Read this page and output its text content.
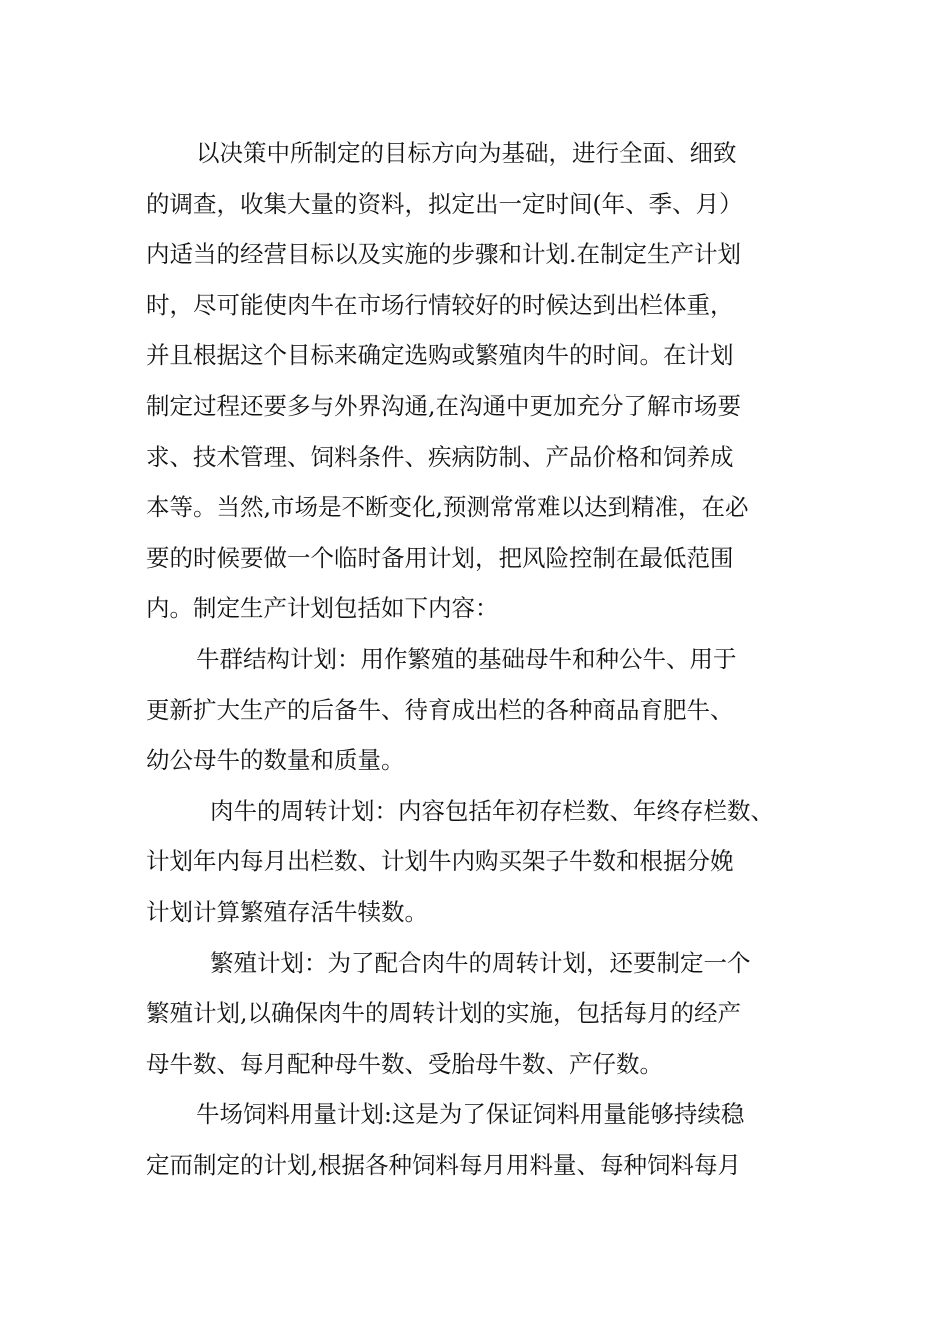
以决策中所制定的目标方向为基础，进行全面、细致
的调查，收集大量的资料，拟定出一定时间(年、季、月）
内适当的经营目标以及实施的步骤和计划.在制定生产计划
时，尽可能使肉牛在市场行情较好的时候达到出栏体重，
并且根据这个目标来确定选购或繁殖肉牛的时间。在计划
制定过程还要多与外界沟通,在沟通中更加充分了解市场要
求、技术管理、饲料条件、疾病防制、产品价格和饲养成
本等。当然,市场是不断变化,预测常常难以达到精准，在必
要的时候要做一个临时备用计划，把风险控制在最低范围
内。制定生产计划包括如下内容：
牛群结构计划：用作繁殖的基础母牛和种公牛、用于
更新扩大生产的后备牛、待育成出栏的各种商品育肥牛、
幼公母牛的数量和质量。
肉牛的周转计划：内容包括年初存栏数、年终存栏数、
计划年内每月出栏数、计划牛内购买架子牛数和根据分娩
计划计算繁殖存活牛犊数。
繁殖计划：为了配合肉牛的周转计划，还要制定一个
繁殖计划,以确保肉牛的周转计划的实施，包括每月的经产
母牛数、每月配种母牛数、受胎母牛数、产仔数。
牛场饲料用量计划:这是为了保证饲料用量能够持续稳
定而制定的计划,根据各种饲料每月用料量、每种饲料每月
